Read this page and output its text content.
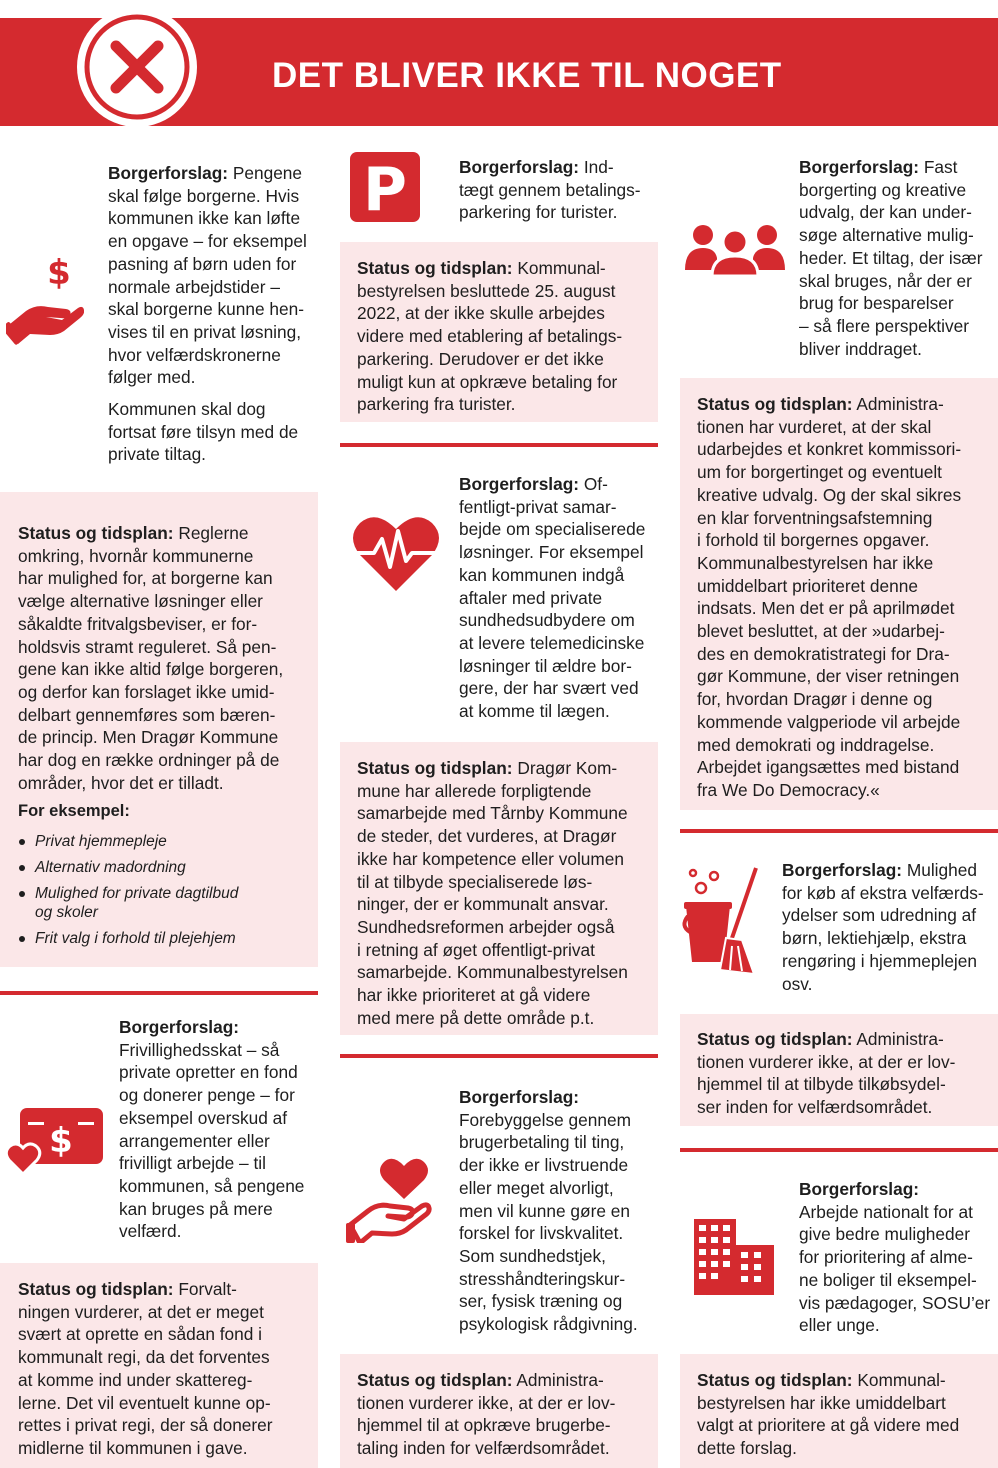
DET BLIVER IKKE TIL NOGET
$
Borgerforslag: Pengene
skal følge borgerne. Hvis
kommunen ikke kan løfte
en opgave – for eksempel
pasning af børn uden for
normale arbejdstider –
skal borgerne kunne hen-
vises til en privat løsning,
hvor velfærdskronerne
følger med.
Kommunen skal dog
fortsat føre tilsyn med de
private tiltag.
Status og tidsplan: Reglerne
omkring, hvornår kommunerne
har mulighed for, at borgerne kan
vælge alternative løsninger eller
såkaldte fritvalgsbeviser, er for-
holdsvis stramt reguleret. Så pen-
gene kan ikke altid følge borgeren,
og derfor kan forslaget ikke umid-
delbart gennemføres som bæren-
de princip. Men Dragør Kommune
har dog en række ordninger på de
områder, hvor det er tilladt.
For eksempel:
Privat hjemmepleje
Alternativ madordning
Mulighed for private dagtilbud
og skoler
Frit valg i forhold til plejehjem
$
Borgerforslag:
Frivillighedsskat – så
private opretter en fond
og donerer penge – for
eksempel overskud af
arrangementer eller
frivilligt arbejde – til
kommunen, så pengene
kan bruges på mere
velfærd.
Status og tidsplan: Forvalt-
ningen vurderer, at det er meget
svært at oprette en sådan fond i
kommunalt regi, da det forventes
at komme ind under skattereg-
lerne. Det vil eventuelt kunne op-
rettes i privat regi, der så donerer
midlerne til kommunen i gave.
P	Borgerforslag: Ind-
tægt gennem betalings-
parkering for turister.
Status og tidsplan: Kommunal-
bestyrelsen besluttede 25. august
2022, at der ikke skulle arbejdes
videre med etablering af betalings-
parkering. Derudover er det ikke
muligt kun at opkræve betaling for
parkering fra turister.
Borgerforslag: Of-
fentligt-privat samar-
bejde om specialiserede
løsninger. For eksempel
kan kommunen indgå
aftaler med private
sundhedsudbydere om
at levere telemedicinske
løsninger til ældre bor-
gere, der har svært ved
at komme til lægen.
Status og tidsplan: Dragør Kom-
mune har allerede forpligtende
samarbejde med Tårnby Kommune
de steder, det vurderes, at Dragør
ikke har kompetence eller volumen
til at tilbyde specialiserede løs-
ninger, der er kommunalt ansvar.
Sundhedsreformen arbejder også
i retning af øget offentligt-privat
samarbejde. Kommunalbestyrelsen
har ikke prioriteret at gå videre
med mere på dette område p.t.
Borgerforslag:
Forebyggelse gennem
brugerbetaling til ting,
der ikke er livstruende
eller meget alvorligt,
men vil kunne gøre en
forskel for livskvalitet.
Som sundhedstjek,
stresshåndteringskur-
ser, fysisk træning og
psykologisk rådgivning.
Status og tidsplan: Administra-
tionen vurderer ikke, at der er lov-
hjemmel til at opkræve brugerbe-
taling inden for velfærdsområdet.
Borgerforslag: Fast
borgerting og kreative
udvalg, der kan under-
søge alternative mulig-
heder. Et tiltag, der især
skal bruges, når der er
brug for besparelser
– så flere perspektiver
bliver inddraget.
Status og tidsplan: Administra-
tionen har vurderet, at der skal
udarbejdes et konkret kommissori-
um for borgertinget og eventuelt
kreative udvalg. Og der skal sikres
en klar forventningsafstemning
i forhold til borgernes opgaver.
Kommunalbestyrelsen har ikke
umiddelbart prioriteret denne
indsats. Men det er på aprilmødet
blevet besluttet, at der »udarbej-
des en demokratistrategi for Dra-
gør Kommune, der viser retningen
for, hvordan Dragør i denne og
kommende valgperiode vil arbejde
med demokrati og inddragelse.
Arbejdet igangsættes med bistand
fra We Do Democracy.«
Borgerforslag: Mulighed
for køb af ekstra velfærds-
ydelser som udredning af
børn, lektiehjælp, ekstra
rengøring i hjemmeplejen
osv.
Status og tidsplan: Administra-
tionen vurderer ikke, at der er lov-
hjemmel til at tilbyde tilkøbsydel-
ser inden for velfærdsområdet.
Borgerforslag:
Arbejde nationalt for at
give bedre muligheder
for prioritering af alme-
ne boliger til eksempel-
vis pædagoger, SOSU’er
eller unge.
Status og tidsplan: Kommunal-
bestyrelsen har ikke umiddelbart
valgt at prioritere at gå videre med
dette forslag.
